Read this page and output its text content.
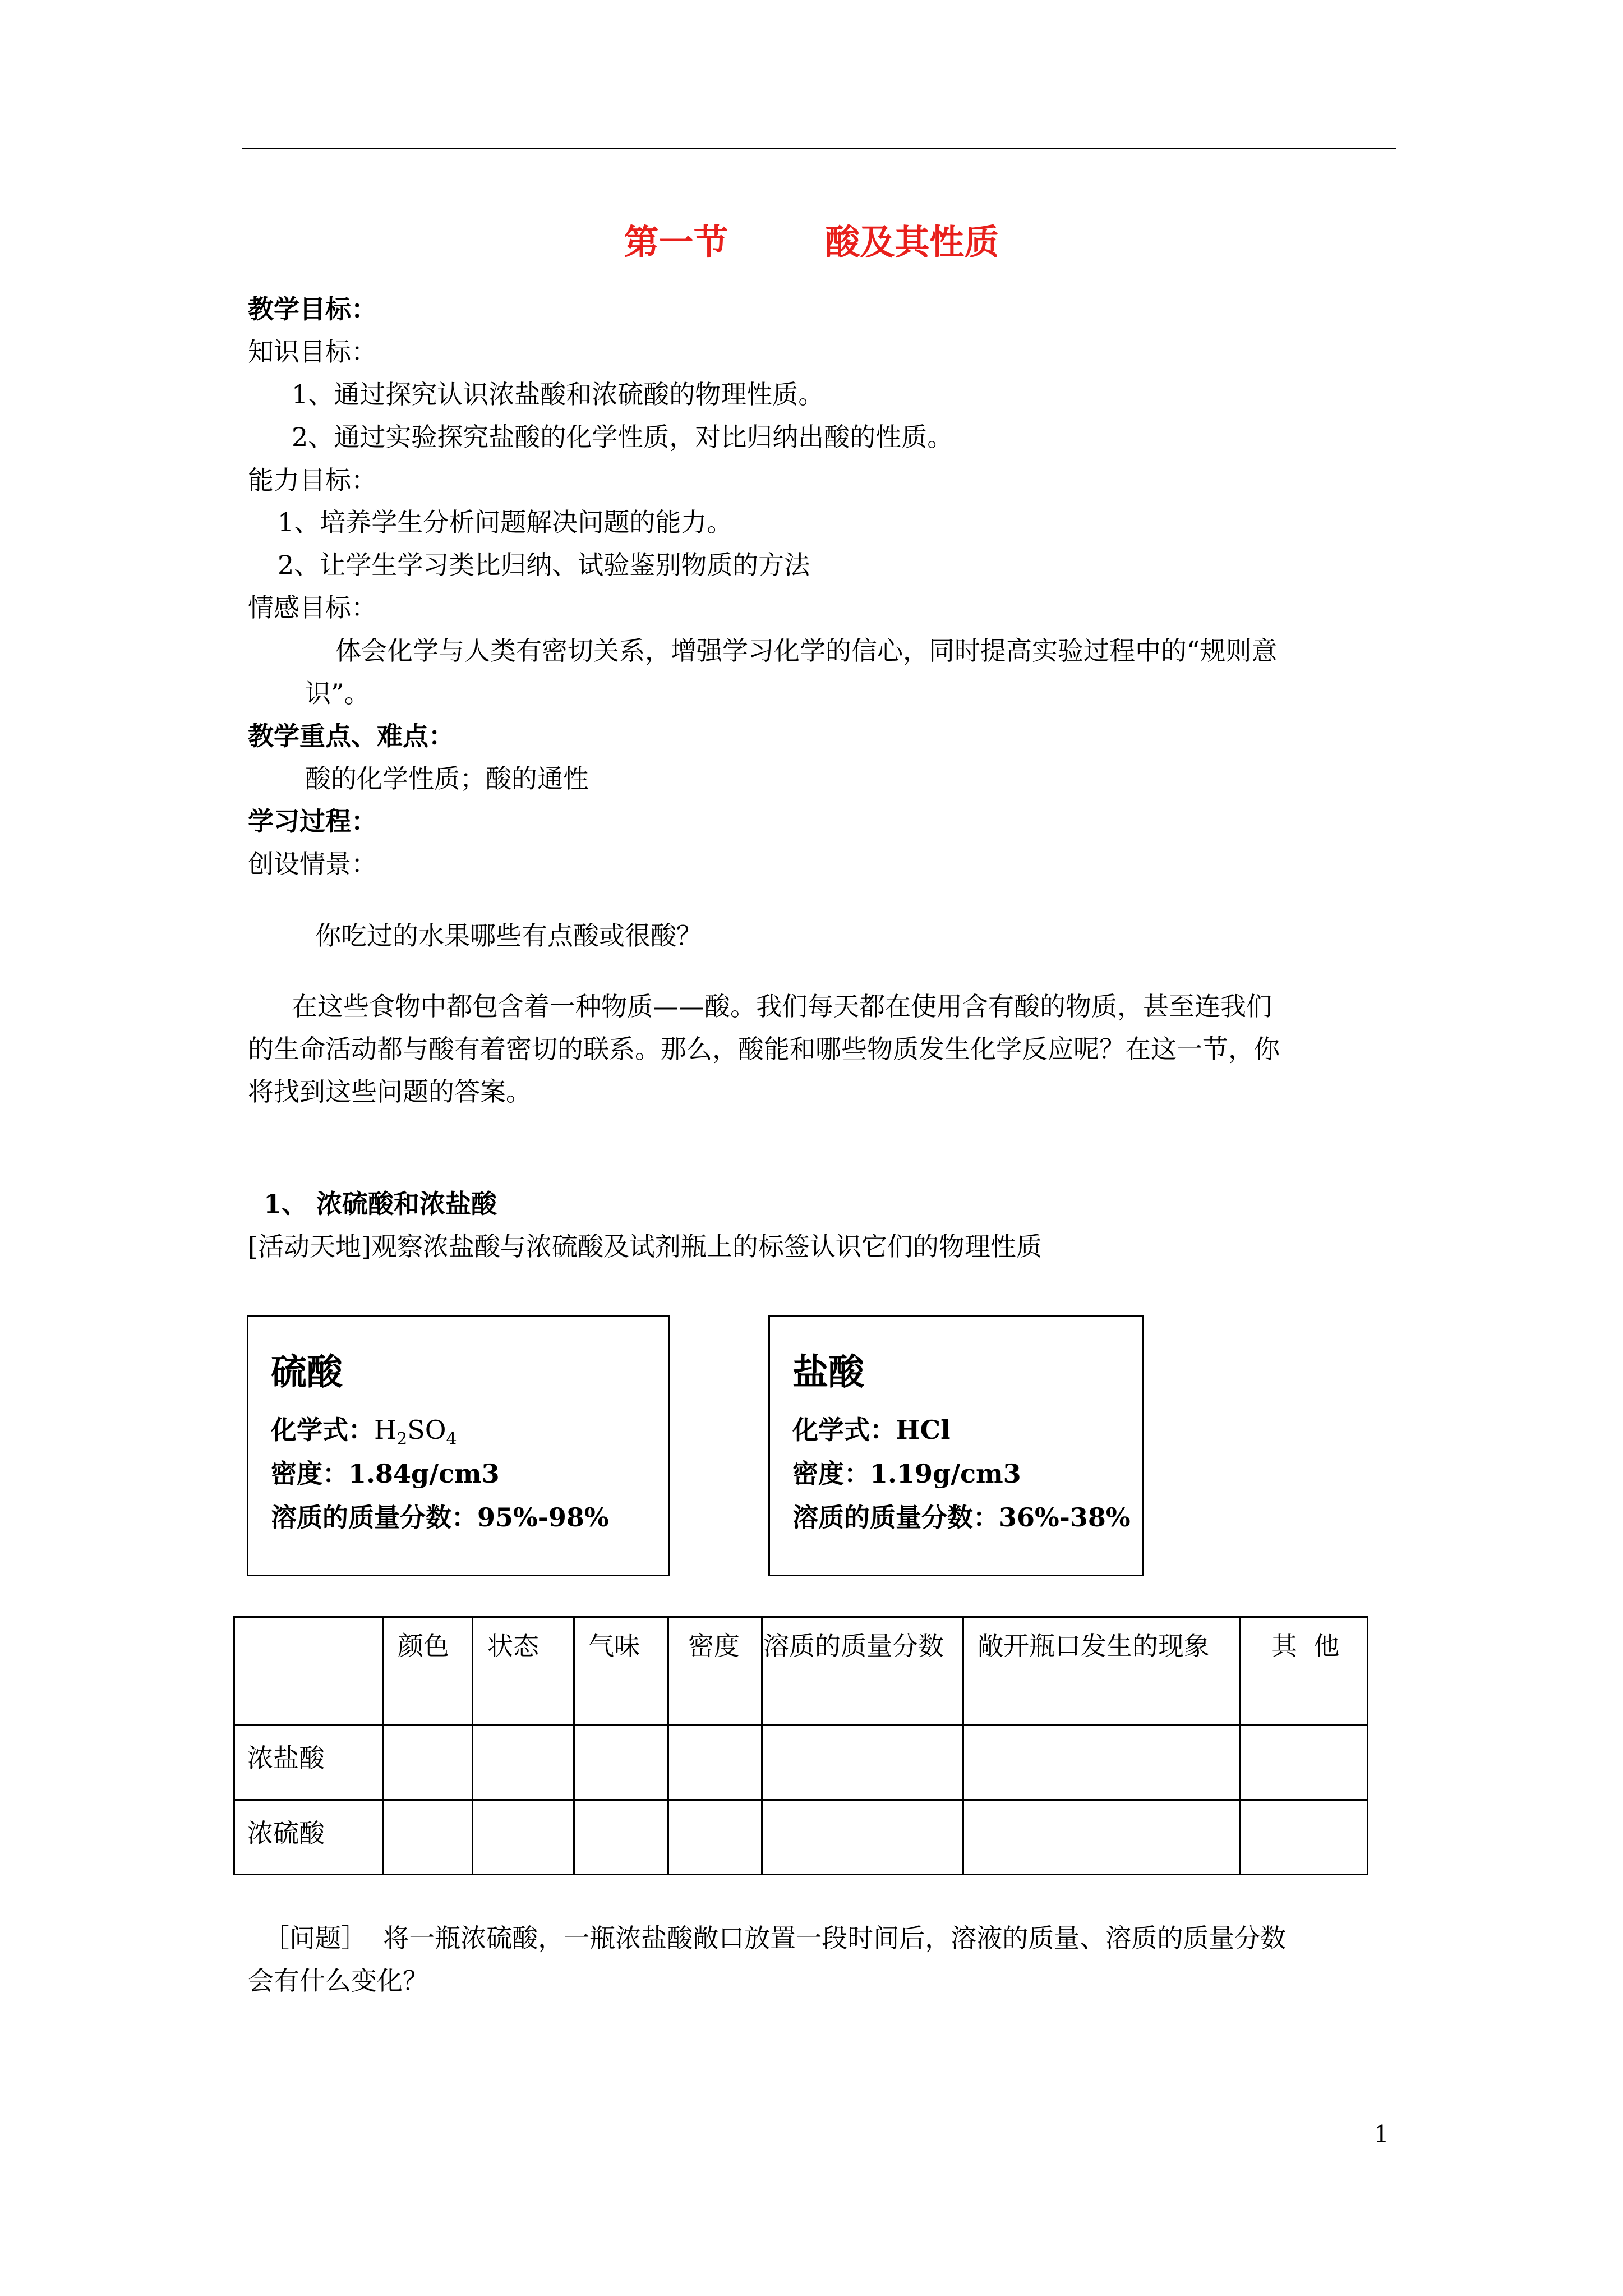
第一节        酸及其性质
教学目标：
知识目标：
1、通过探究认识浓盐酸和浓硫酸的物理性质。
2、通过实验探究盐酸的化学性质，对比归纳出酸的性质。
能力目标：
1、培养学生分析问题解决问题的能力。
2、让学生学习类比归纳、试验鉴别物质的方法
情感目标：
体会化学与人类有密切关系，增强学习化学的信心，同时提高实验过程中的“规则意
识”。
教学重点、难点：
酸的化学性质；酸的通性
学习过程：
创设情景：
你吃过的水果哪些有点酸或很酸？
在这些食物中都包含着一种物质——酸。我们每天都在使用含有酸的物质，甚至连我们
的生命活动都与酸有着密切的联系。那么，酸能和哪些物质发生化学反应呢？在这一节，你
将找到这些问题的答案。
1、 浓硫酸和浓盐酸
[活动天地]观察浓盐酸与浓硫酸及试剂瓶上的标签认识它们的物理性质
硫酸
化学式：$H_2SO_4$
密度：1.84g/cm3
溶质的质量分数：95%-98%
盐酸
化学式：HCl
密度：1.19g/cm3
溶质的质量分数：36%-38%
颜色 状态 气味 密度 溶质的质量分数 敞开瓶口发生的现象 其  他
浓盐酸
浓硫酸
［问题］  将一瓶浓硫酸，一瓶浓盐酸敞口放置一段时间后，溶液的质量、溶质的质量分数
会有什么变化？
1
